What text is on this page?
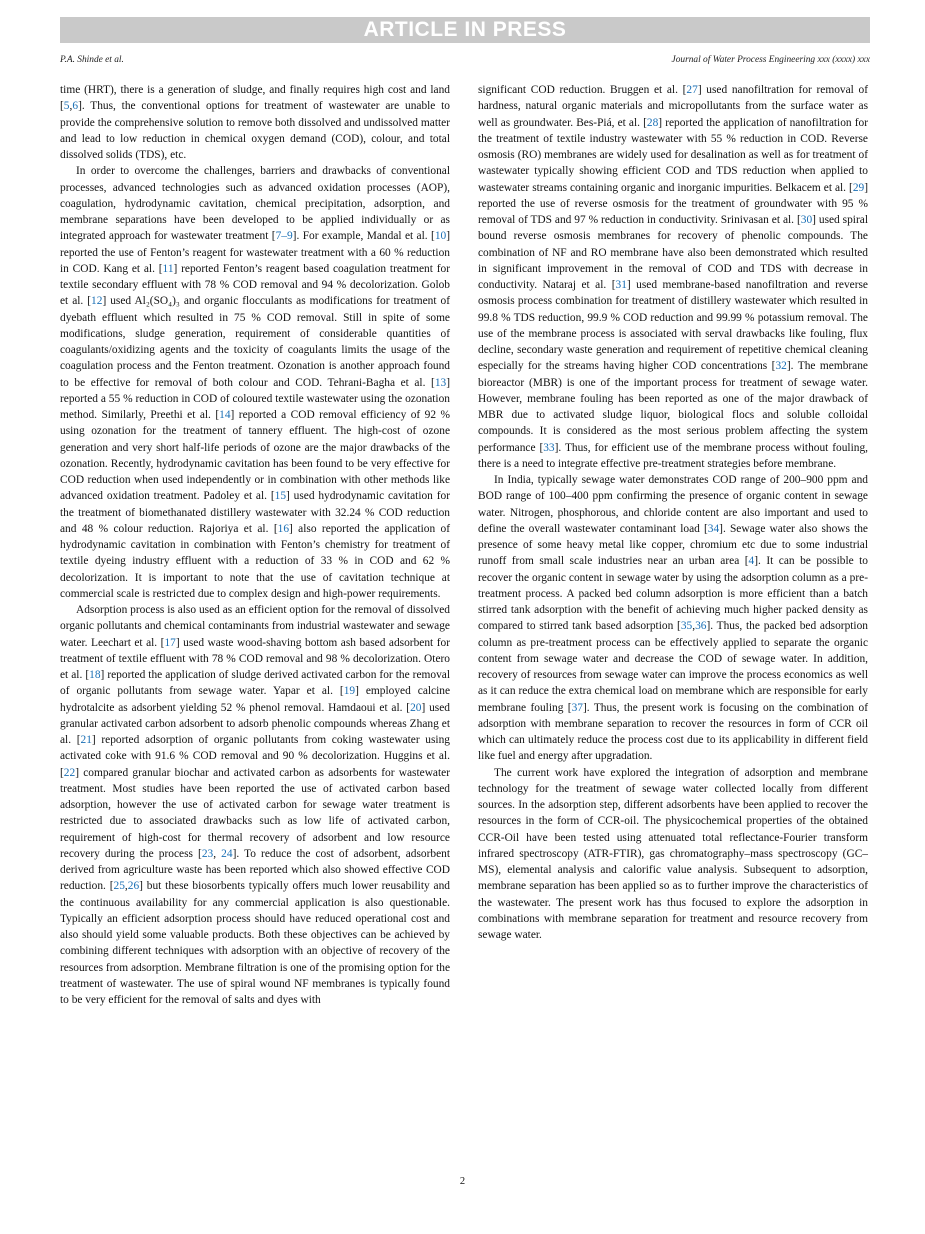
ARTICLE IN PRESS
P.A. Shinde et al.	Journal of Water Process Engineering xxx (xxxx) xxx

time (HRT), there is a generation of sludge, and finally requires high cost and land [5,6]. Thus, the conventional options for treatment of wastewater are unable to provide the comprehensive solution to remove both dissolved and undissolved matter and lead to low reduction in chemical oxygen demand (COD), colour, and total dissolved solids (TDS), etc.

In order to overcome the challenges, barriers and drawbacks of conventional processes, advanced technologies such as advanced oxidation processes (AOP), coagulation, hydrodynamic cavitation, chemical precipitation, adsorption, and membrane separations have been developed to be applied individually or as integrated approach for wastewater treatment [7–9]. For example, Mandal et al. [10] reported the use of Fenton’s reagent for wastewater treatment with a 60 % reduction in COD. Kang et al. [11] reported Fenton’s reagent based coagulation treatment for textile secondary effluent with 78 % COD removal and 94 % decolorization. Golob et al. [12] used Al₂(SO₄)₃ and organic flocculants as modifications for treatment of dyebath effluent which resulted in 75 % COD removal. Still in spite of some modifications, sludge generation, requirement of considerable quantities of coagulants/oxidizing agents and the toxicity of coagulants limits the usage of the coagulation process and the Fenton treatment. Ozonation is another approach found to be effective for removal of both colour and COD. Tehrani-Bagha et al. [13] reported a 55 % reduction in COD of coloured textile wastewater using the ozonation method. Similarly, Preethi et al. [14] reported a COD removal efficiency of 92 % using ozonation for the treatment of tannery effluent. The high-cost of ozone generation and very short half-life periods of ozone are the major drawbacks of the ozonation. Recently, hydrodynamic cavitation has been found to be very effective for COD reduction when used independently or in combination with other methods like advanced oxidation treatment. Padoley et al. [15] used hydrodynamic cavitation for the treatment of biomethanated distillery wastewater with 32.24 % COD reduction and 48 % colour reduction. Rajoriya et al. [16] also reported the application of hydrodynamic cavitation in combination with Fenton’s chemistry for treatment of textile dyeing industry effluent with a reduction of 33 % in COD and 62 % decolorization. It is important to note that the use of cavitation technique at commercial scale is restricted due to complex design and high-power requirements.

Adsorption process is also used as an efficient option for the removal of dissolved organic pollutants and chemical contaminants from industrial wastewater and sewage water. Leechart et al. [17] used waste wood-shaving bottom ash based adsorbent for treatment of textile effluent with 78 % COD removal and 98 % decolorization. Otero et al. [18] reported the application of sludge derived activated carbon for the removal of organic pollutants from sewage water. Yapar et al. [19] employed calcine hydrotalcite as adsorbent yielding 52 % phenol removal. Hamdaoui et al. [20] used granular activated carbon adsorbent to adsorb phenolic compounds whereas Zhang et al. [21] reported adsorption of organic pollutants from coking wastewater using activated coke with 91.6 % COD removal and 90 % decolorization. Huggins et al. [22] compared granular biochar and activated carbon as adsorbents for wastewater treatment. Most studies have been reported the use of activated carbon based adsorption, however the use of activated carbon for sewage water treatment is restricted due to associated drawbacks such as low life of activated carbon, requirement of high-cost for thermal recovery of adsorbent and low resource recovery during the process [23, 24]. To reduce the cost of adsorbent, adsorbent derived from agriculture waste has been reported which also showed effective COD reduction. [25,26] but these biosorbents typically offers much lower reusability and the continuous availability for any commercial application is also questionable. Typically an efficient adsorption process should have reduced operational cost and also should yield some valuable products. Both these objectives can be achieved by combining different techniques with adsorption with an objective of recovery of the resources from adsorption. Membrane filtration is one of the promising option for the treatment of wastewater. The use of spiral wound NF membranes is typically found to be very efficient for the removal of salts and dyes with

significant COD reduction. Bruggen et al. [27] used nanofiltration for removal of hardness, natural organic materials and micropollutants from the surface water as well as groundwater. Bes-Piá, et al. [28] reported the application of nanofiltration for the treatment of textile industry wastewater with 55 % reduction in COD. Reverse osmosis (RO) membranes are widely used for desalination as well as for treatment of wastewater typically showing efficient COD and TDS reduction when applied to wastewater streams containing organic and inorganic impurities. Belkacem et al. [29] reported the use of reverse osmosis for the treatment of groundwater with 95 % removal of TDS and 97 % reduction in conductivity. Srinivasan et al. [30] used spiral bound reverse osmosis membranes for recovery of phenolic compounds. The combination of NF and RO membrane have also been demonstrated which resulted in significant improvement in the removal of COD and TDS with decrease in conductivity. Nataraj et al. [31] used membrane-based nanofiltration and reverse osmosis process combination for treatment of distillery wastewater which resulted in 99.8 % TDS reduction, 99.9 % COD reduction and 99.99 % potassium removal. The use of the membrane process is associated with serval drawbacks like fouling, flux decline, secondary waste generation and requirement of repetitive chemical cleaning especially for the streams having higher COD concentrations [32]. The membrane bioreactor (MBR) is one of the important process for treatment of sewage water. However, membrane fouling has been reported as one of the major drawback of MBR due to activated sludge liquor, biological flocs and soluble colloidal compounds. It is considered as the most serious problem affecting the system performance [33]. Thus, for efficient use of the membrane process without fouling, there is a need to integrate effective pre-treatment strategies before membrane.

In India, typically sewage water demonstrates COD range of 200–900 ppm and BOD range of 100–400 ppm confirming the presence of organic content in sewage water. Nitrogen, phosphorous, and chloride content are also important and used to define the overall wastewater contaminant load [34]. Sewage water also shows the presence of some heavy metal like copper, chromium etc due to some industrial runoff from small scale industries near an urban area [4]. It can be possible to recover the organic content in sewage water by using the adsorption column as a pre-treatment process. A packed bed column adsorption is more efficient than a batch stirred tank adsorption with the benefit of achieving much higher packed density as compared to stirred tank based adsorption [35,36]. Thus, the packed bed adsorption column as pre-treatment process can be effectively applied to separate the organic content from sewage water and decrease the COD of sewage water. In addition, recovery of resources from sewage water can improve the process economics as well as it can reduce the extra chemical load on membrane which are responsible for early membrane fouling [37]. Thus, the present work is focusing on the combination of adsorption with membrane separation to recover the resources in form of CCR oil which can ultimately reduce the process cost due to its applicability in different field like fuel and energy after upgradation.

The current work have explored the integration of adsorption and membrane technology for the treatment of sewage water collected locally from different sources. In the adsorption step, different adsorbents have been applied to recover the resources in the form of CCR-oil. The physicochemical properties of the obtained CCR-Oil have been tested using attenuated total reflectance-Fourier transform infrared spectroscopy (ATR-FTIR), gas chromatography–mass spectroscopy (GC–MS), elemental analysis and calorific value analysis. Subsequent to adsorption, membrane separation has been applied so as to further improve the characteristics of the wastewater. The present work has thus focused to explore the adsorption in combinations with membrane separation for treatment and resource recovery from sewage water.

2
